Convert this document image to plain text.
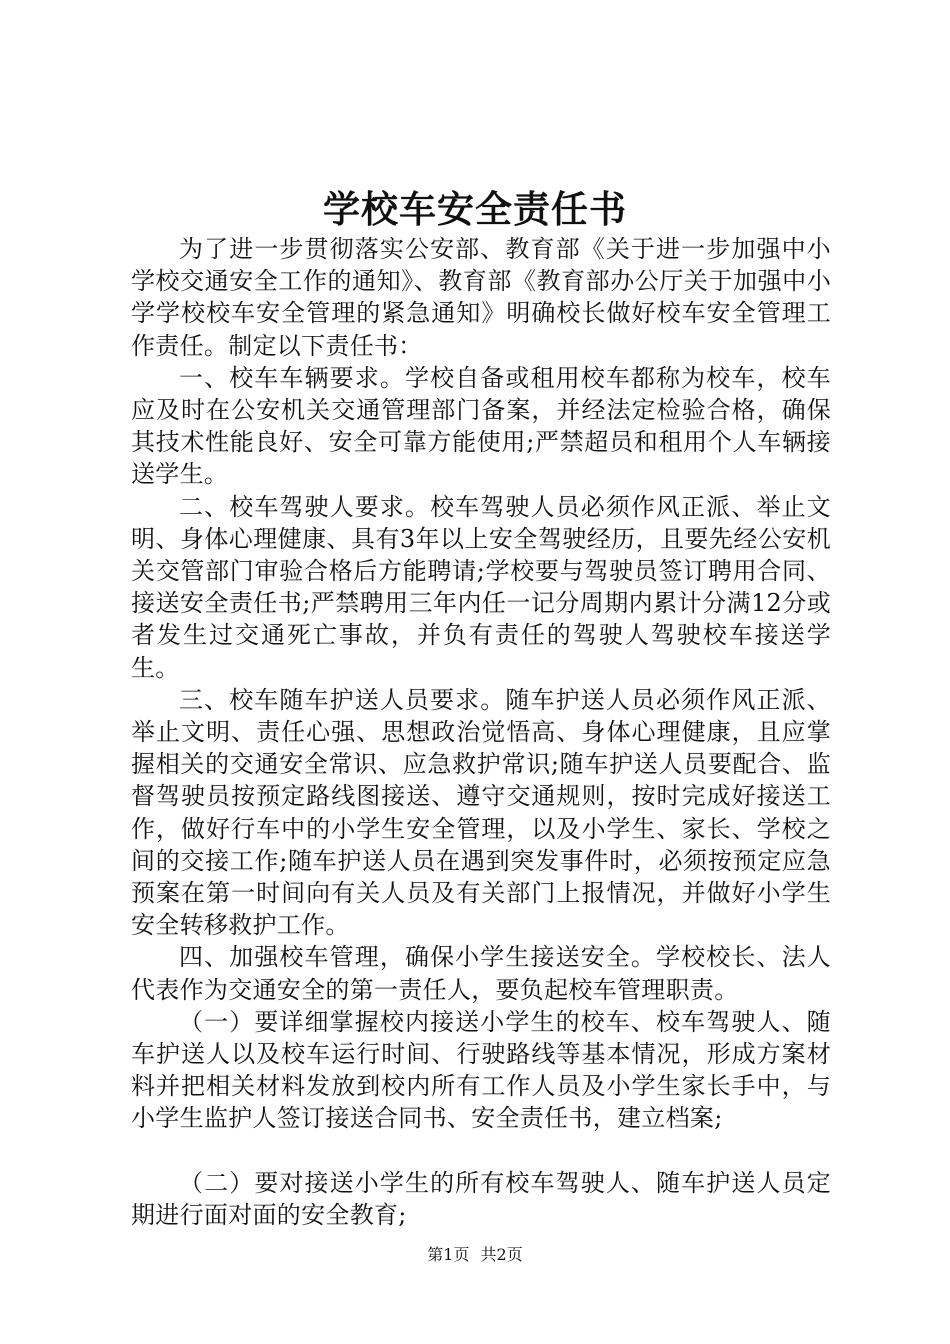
学校车安全责任书

为了进一步贯彻落实公安部、教育部《关于进一步加强中小学校交通安全工作的通知》、教育部《教育部办公厅关于加强中小学学校校车安全管理的紧急通知》明确校长做好校车安全管理工作责任。制定以下责任书：

一、校车车辆要求。学校自备或租用校车都称为校车，校车应及时在公安机关交通管理部门备案，并经法定检验合格，确保其技术性能良好、安全可靠方能使用;严禁超员和租用个人车辆接送学生。

二、校车驾驶人要求。校车驾驶人员必须作风正派、举止文明、身体心理健康、具有3年以上安全驾驶经历，且要先经公安机关交管部门审验合格后方能聘请;学校要与驾驶员签订聘用合同、接送安全责任书;严禁聘用三年内任一记分周期内累计分满12分或者发生过交通死亡事故，并负有责任的驾驶人驾驶校车接送学生。

三、校车随车护送人员要求。随车护送人员必须作风正派、举止文明、责任心强、思想政治觉悟高、身体心理健康，且应掌握相关的交通安全常识、应急救护常识;随车护送人员要配合、监督驾驶员按预定路线图接送、遵守交通规则，按时完成好接送工作，做好行车中的小学生安全管理，以及小学生、家长、学校之间的交接工作;随车护送人员在遇到突发事件时，必须按预定应急预案在第一时间向有关人员及有关部门上报情况，并做好小学生安全转移救护工作。

四、加强校车管理，确保小学生接送安全。学校校长、法人代表作为交通安全的第一责任人，要负起校车管理职责。

（一）要详细掌握校内接送小学生的校车、校车驾驶人、随车护送人以及校车运行时间、行驶路线等基本情况，形成方案材料并把相关材料发放到校内所有工作人员及小学生家长手中，与小学生监护人签订接送合同书、安全责任书，建立档案;

（二）要对接送小学生的所有校车驾驶人、随车护送人员定期进行面对面的安全教育;

第1页 共2页
